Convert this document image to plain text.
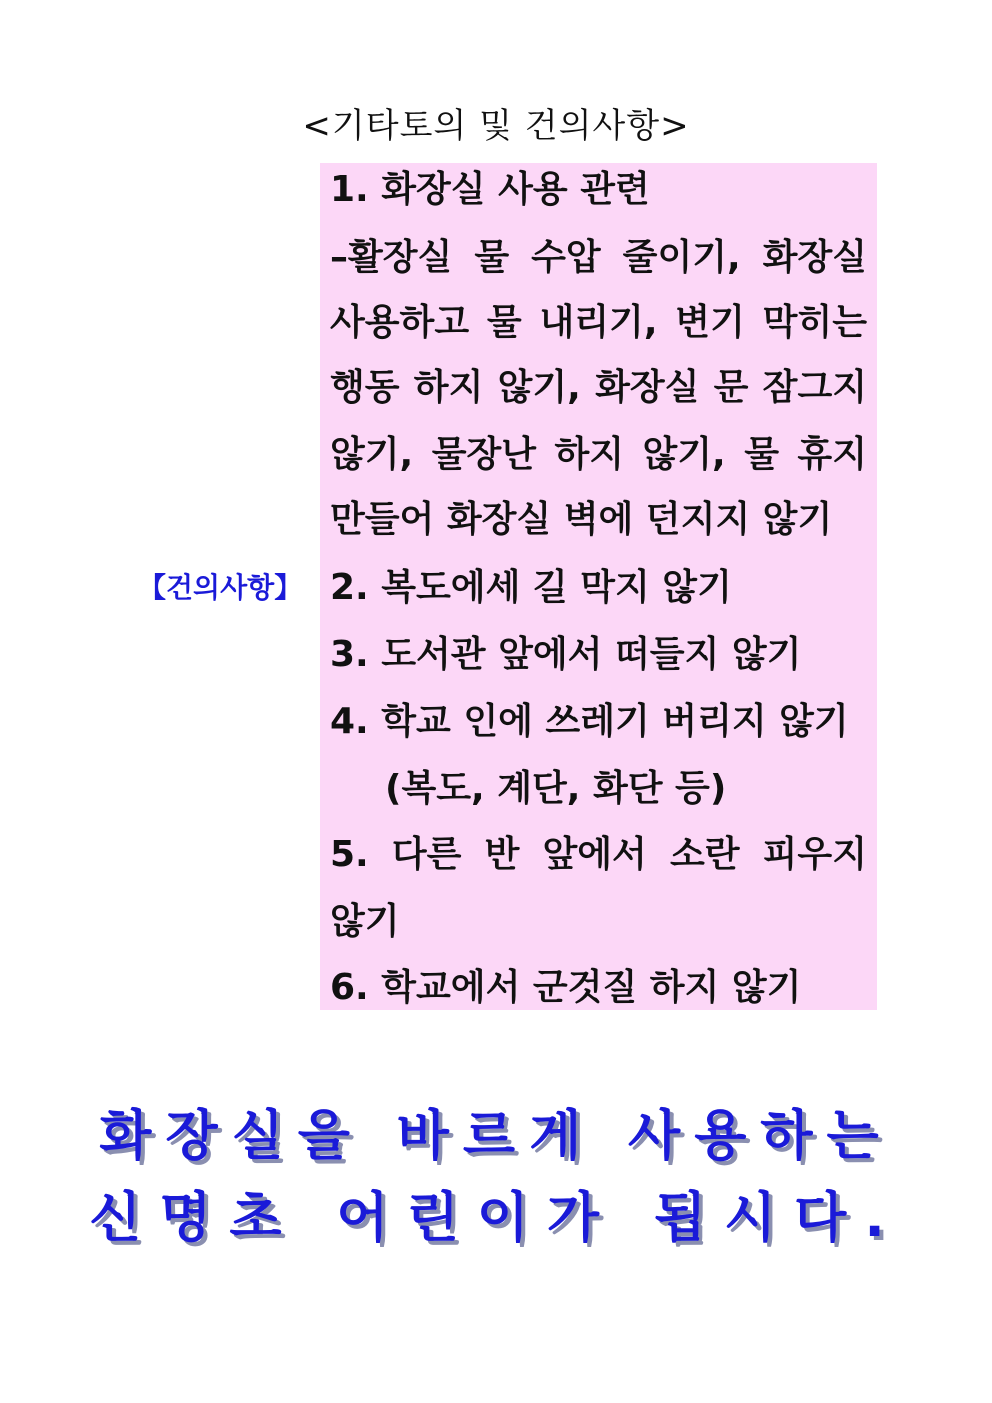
<기타토의 및 건의사항>
【건의사항】
1. 화장실 사용 관련
–활장실 물 수압 줄이기, 화장실
사용하고 물 내리기, 변기 막히는
행동 하지 않기, 화장실 문 잠그지
않기, 물장난 하지 않기, 물 휴지
만들어 화장실 벽에 던지지 않기
2. 복도에세 길 막지 않기
3. 도서관 앞에서 떠들지 않기
4. 학교 인에 쓰레기 버리지 않기
(복도, 계단, 화단 등)
5. 다른 반 앞에서 소란 피우지
않기
6. 학교에서 군것질 하지 않기
화장실을 바르게 사용하는
신명초 어린이가 됩시다.
